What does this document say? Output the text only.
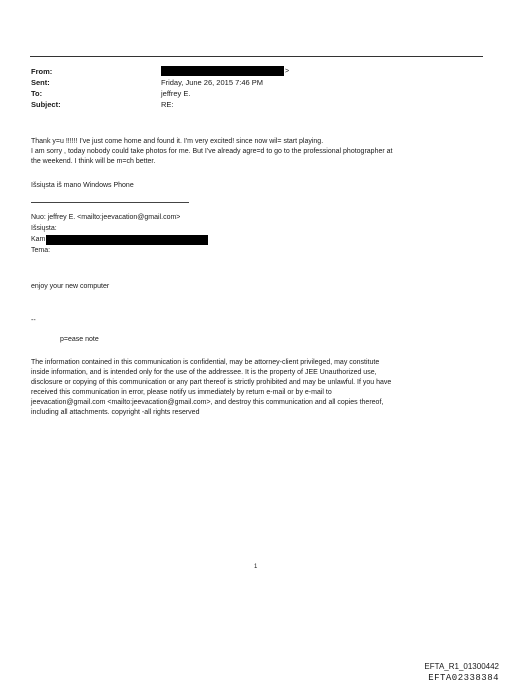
From:
Sent:
To:
Subject:
Friday, June 26, 2015 7:46 PM
jeffrey E.
RE:
>
Thank y=u !!!!!! I've just come home and found it. I'm very excited! since now wil= start playing.
I am sorry , today nobody could take photos for me. But I've already agre=d to go to the professional photographer at
the weekend. I think will be m=ch better.
Išsiųsta iš mano Windows Phone
Nuo: jeffrey E. <mailto:jeevacation@gmail.com>
Išsiųsta:
Kam
Tema:
enjoy your new computer
--
p=ease note
The information contained in this communication is confidential, may be attorney-client privileged, may constitute
inside information, and is intended only for the use of the addressee. It is the property of JEE Unauthorized use,
disclosure or copying of this communication or any part thereof is strictly prohibited and may be unlawful. If you have
received this communication in error, please notify us immediately by return e-mail or by e-mail to
jeevacation@gmail.com <mailto:jeevacation@gmail.com>, and destroy this communication and all copies thereof,
including all attachments. copyright -all rights reserved
1
EFTA_R1_01300442
EFTA02338384
